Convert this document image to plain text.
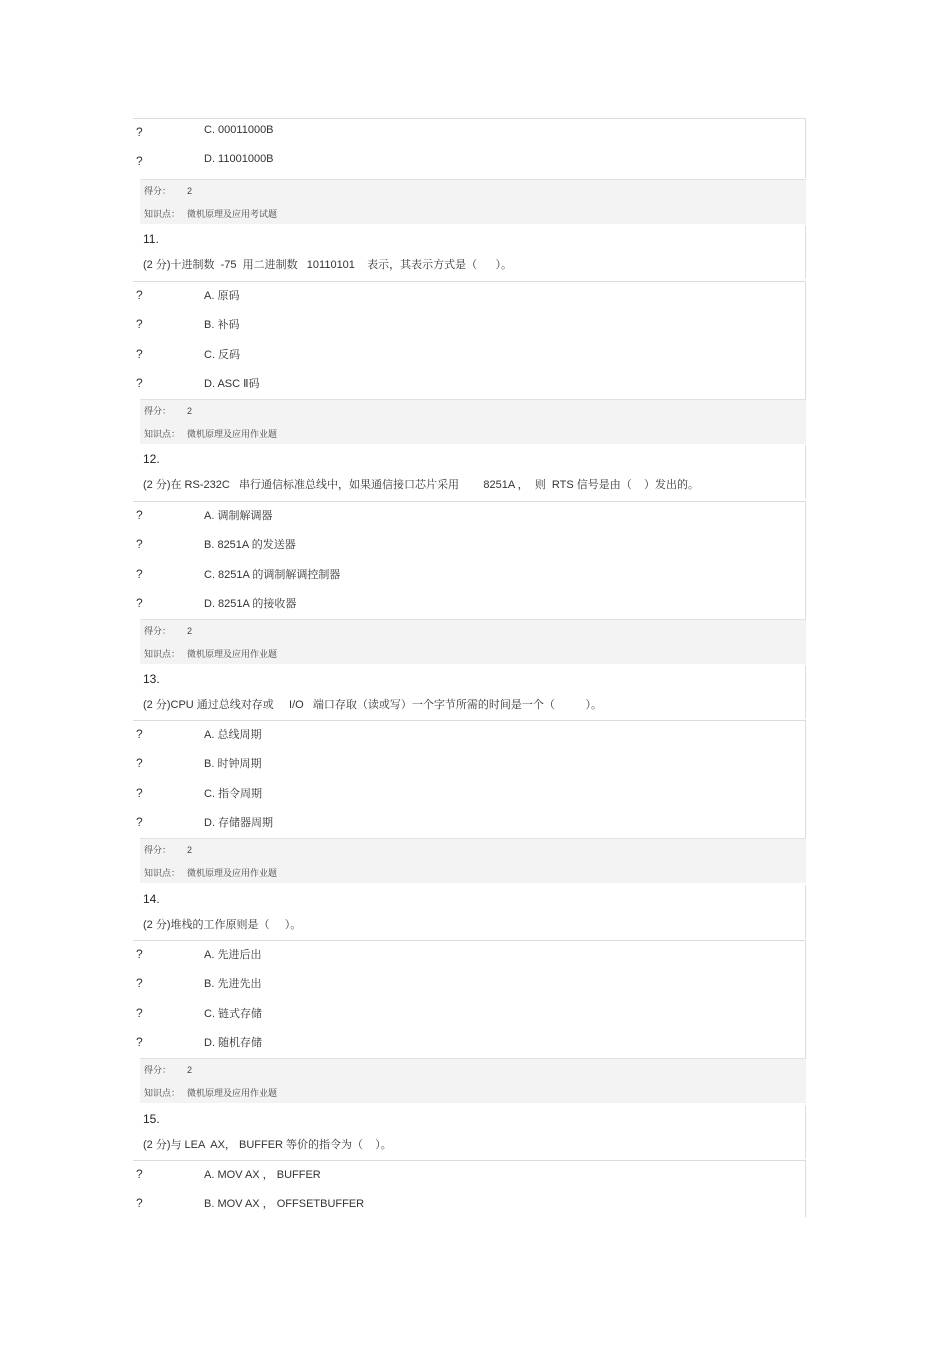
?	C. 00011000B
?	D. 11001000B
得分： 2
知识点： 微机原理及应用考试题
11.
(2 分)十进制数  -75  用二进制数   10110101    表示，其表示方式是（      ）。
?	A. 原码
?	B. 补码
?	C. 反码
?	D. ASC Ⅱ码
得分： 2
知识点： 微机原理及应用作业题
12.
(2 分)在 RS-232C   串行通信标准总线中，如果通信接口芯片采用        8251A ，  则  RTS 信号是由（    ）发出的。
?	A. 调制解调器
?	B. 8251A 的发送器
?	C. 8251A 的调制解调控制器
?	D. 8251A 的接收器
得分： 2
知识点： 微机原理及应用作业题
13.
(2 分)CPU 通过总线对存或     I/O   端口存取（读或写）一个字节所需的时间是一个（          ）。
?	A. 总线周期
?	B. 时钟周期
?	C. 指令周期
?	D. 存储器周期
得分： 2
知识点： 微机原理及应用作业题
14.
(2 分)堆栈的工作原则是（     ）。
?	A. 先进后出
?	B. 先进先出
?	C. 链式存储
?	D. 随机存储
得分： 2
知识点： 微机原理及应用作业题
15.
(2 分)与 LEA  AX， BUFFER 等价的指令为（    ）。
?	A. MOV AX ， BUFFER
?	B. MOV AX ， OFFSETBUFFER
